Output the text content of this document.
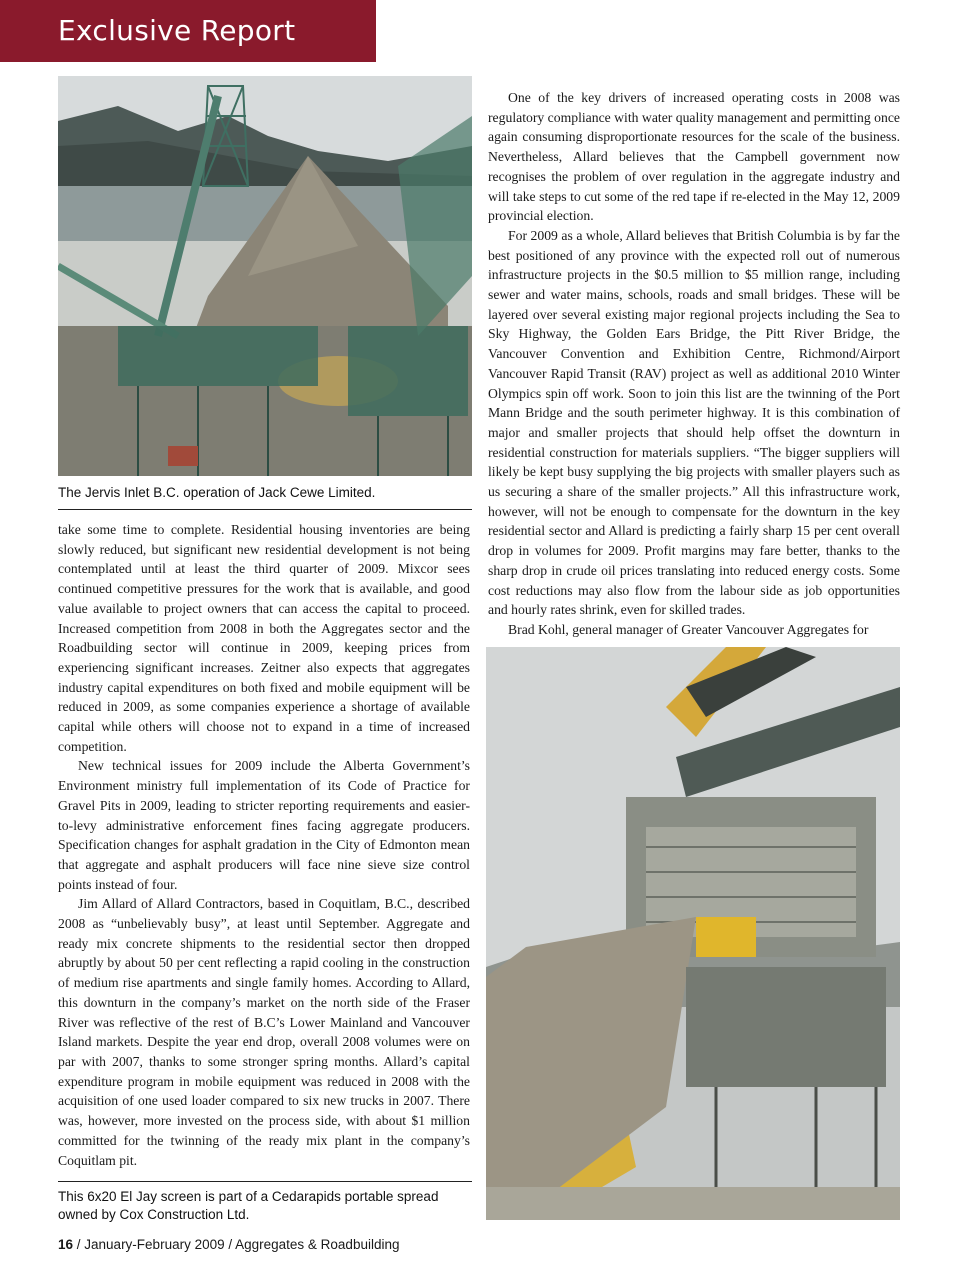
Exclusive Report
The Jervis Inlet B.C. operation of Jack Cewe Limited.

take some time to complete. Residential housing inventories are being slowly reduced, but significant new residential development is not being contemplated until at least the third quarter of 2009. Mixcor sees continued competitive pressures for the work that is available, and good value available to project owners that can access the capital to proceed. Increased competition from 2008 in both the Aggregates sector and the Roadbuilding sector will continue in 2009, keeping prices from experiencing significant increases. Zeitner also expects that aggregates industry capital expenditures on both fixed and mobile equipment will be reduced in 2009, as some companies experience a shortage of available capital while others will choose not to expand in a time of increased competition.

New technical issues for 2009 include the Alberta Government’s Environment ministry full implementation of its Code of Practice for Gravel Pits in 2009, leading to stricter reporting requirements and easier-to-levy administrative enforcement fines facing aggregate producers. Specification changes for asphalt gradation in the City of Edmonton mean that aggregate and asphalt producers will face nine sieve size control points instead of four.

Jim Allard of Allard Contractors, based in Coquitlam, B.C., described 2008 as “unbelievably busy”, at least until September. Aggregate and ready mix concrete shipments to the residential sector then dropped abruptly by about 50 per cent reflecting a rapid cooling in the construction of medium rise apartments and single family homes. According to Allard, this downturn in the company’s market on the north side of the Fraser River was reflective of the rest of B.C’s Lower Mainland and Vancouver Island markets. Despite the year end drop, overall 2008 volumes were on par with 2007, thanks to some stronger spring months. Allard’s capital expenditure program in mobile equipment was reduced in 2008 with the acquisition of one used loader compared to six new trucks in 2007. There was, however, more invested on the process side, with about $1 million committed for the twinning of the ready mix plant in the company’s Coquitlam pit.

This 6x20 El Jay screen is part of a Cedarapids portable spread owned by Cox Construction Ltd.

One of the key drivers of increased operating costs in 2008 was regulatory compliance with water quality management and permitting once again consuming disproportionate resources for the scale of the business. Nevertheless, Allard believes that the Campbell government now recognises the problem of over regulation in the aggregate industry and will take steps to cut some of the red tape if re-elected in the May 12, 2009 provincial election.

For 2009 as a whole, Allard believes that British Columbia is by far the best positioned of any province with the expected roll out of numerous infrastructure projects in the $0.5 million to $5 million range, including sewer and water mains, schools, roads and small bridges. These will be layered over several existing major regional projects including the Sea to Sky Highway, the Golden Ears Bridge, the Pitt River Bridge, the Vancouver Convention and Exhibition Centre, Richmond/Airport Vancouver Rapid Transit (RAV) project as well as additional 2010 Winter Olympics spin off work. Soon to join this list are the twinning of the Port Mann Bridge and the south perimeter highway. It is this combination of major and smaller projects that should help offset the downturn in residential construction for materials suppliers. “The bigger suppliers will likely be kept busy supplying the big projects with smaller players such as us securing a share of the smaller projects.” All this infrastructure work, however, will not be enough to compensate for the downturn in the key residential sector and Allard is predicting a fairly sharp 15 per cent overall drop in volumes for 2009. Profit margins may fare better, thanks to the sharp drop in crude oil prices translating into reduced energy costs. Some cost reductions may also flow from the labour side as job opportunities and hourly rates shrink, even for skilled trades.

Brad Kohl, general manager of Greater Vancouver Aggregates for

16 / January-February 2009 / Aggregates & Roadbuilding
